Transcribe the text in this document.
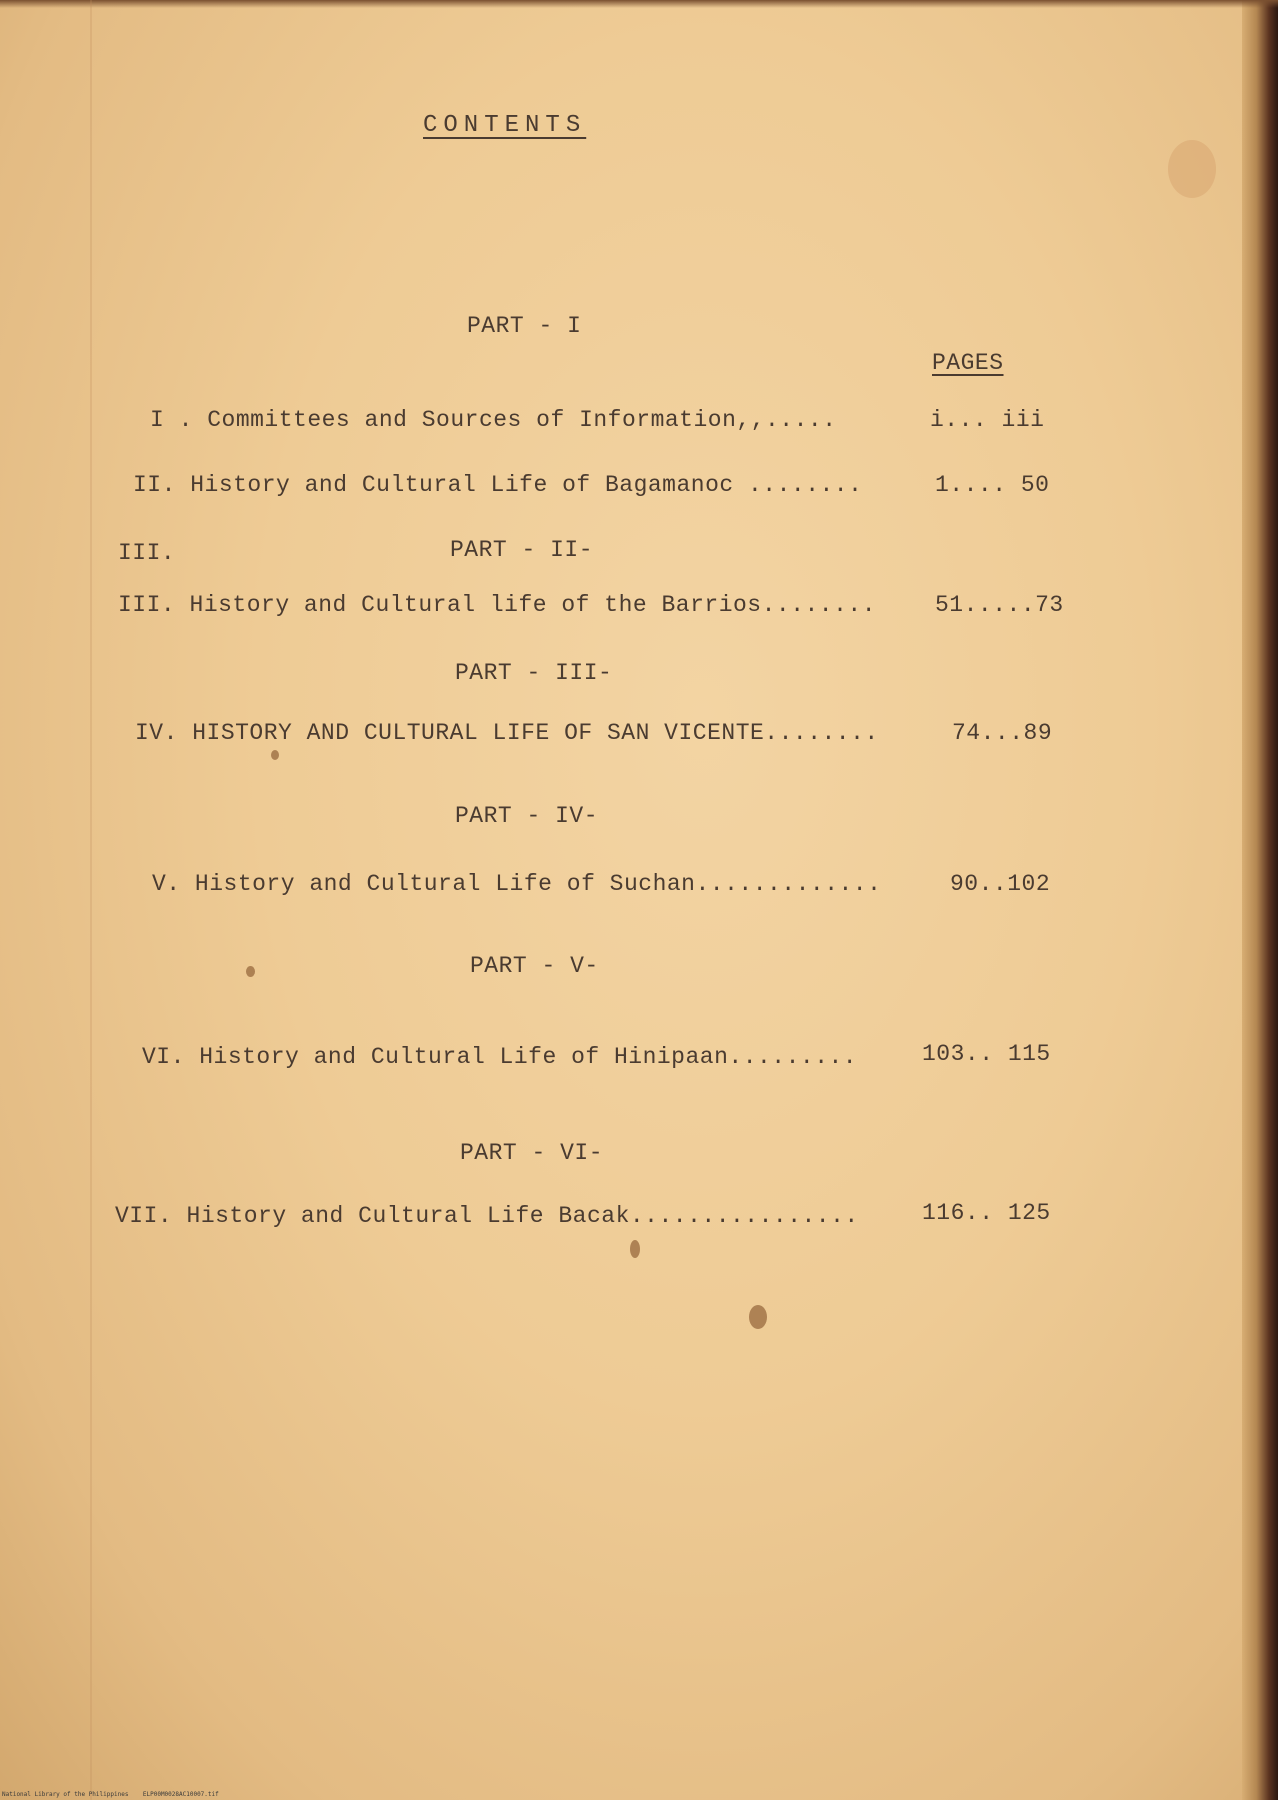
CONTENTS
PART - I
PAGES
I . Committees and Sources of Information,,.....	i... iii
II. History and Cultural Life of Bagamanoc ........	1.... 50
III.	PART - II-
III. History and Cultural life of the Barrios........	51.....73
PART - III-
IV. HISTORY AND CULTURAL LIFE OF SAN VICENTE........	74...89
PART - IV-
V. History and Cultural Life of Suchan.............	90..102
PART - V-
VI. History and Cultural Life of Hinipaan.........	103.. 115
PART - VI-
VII. History and Cultural Life Bacak................	116.. 125
National Library of the Philippines    ELP00M0028AC10007.tif
